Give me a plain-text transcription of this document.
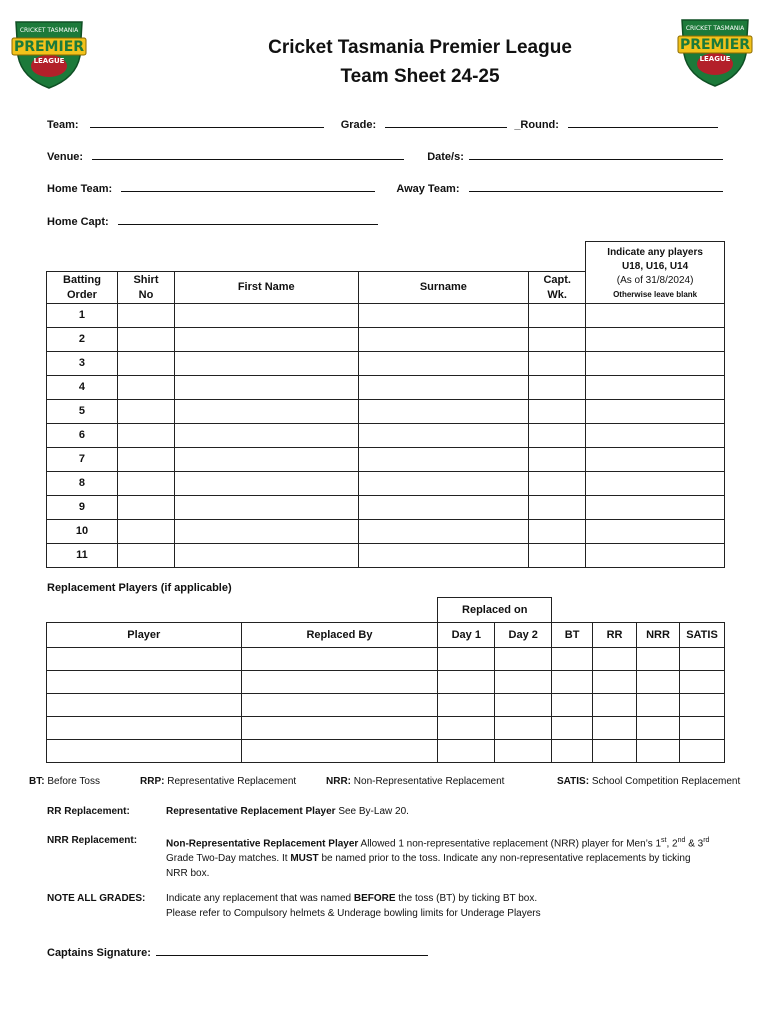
CRICKET TASMANIA
PREMIER
LEAGUE
CRICKET TASMANIA
PREMIER
LEAGUE
Cricket Tasmania Premier League
Team Sheet 24-25
Team:	Grade:	_Round:
Venue:	Date/s:
Home Team:	Away Team:
Home Capt:

					Indicate any players
U18, U16, U14
(As of 31/8/2024)
Otherwise leave blank

Batting Order	Shirt No	First Name	Surname	Capt. Wk.	
1					
2					
3					
4					
5					
6					
7					
8					
9					
10					
11					
Replacement Players (if applicable)
		Replaced on					
Player	Replaced By	Day 1	Day 2	BT	RR	NRR	SATIS

BT: Before Toss	RRP: Representative Replacement	NRR: Non-Representative Replacement	SATIS: School Competition Replacement
RR Replacement:	Representative Replacement Player See By-Law 20.
NRR Replacement:	Non-Representative Replacement Player Allowed 1 non-representative replacement (NRR) player for Men’s 1st, 2nd & 3rd
Grade Two-Day matches. It MUST be named prior to the toss. Indicate any non-representative replacements by ticking
NRR box.
NOTE ALL GRADES: Indicate any replacement that was named BEFORE the toss (BT) by ticking BT box.
Please refer to Compulsory helmets & Underage bowling limits for Underage Players
Captains Signature:
